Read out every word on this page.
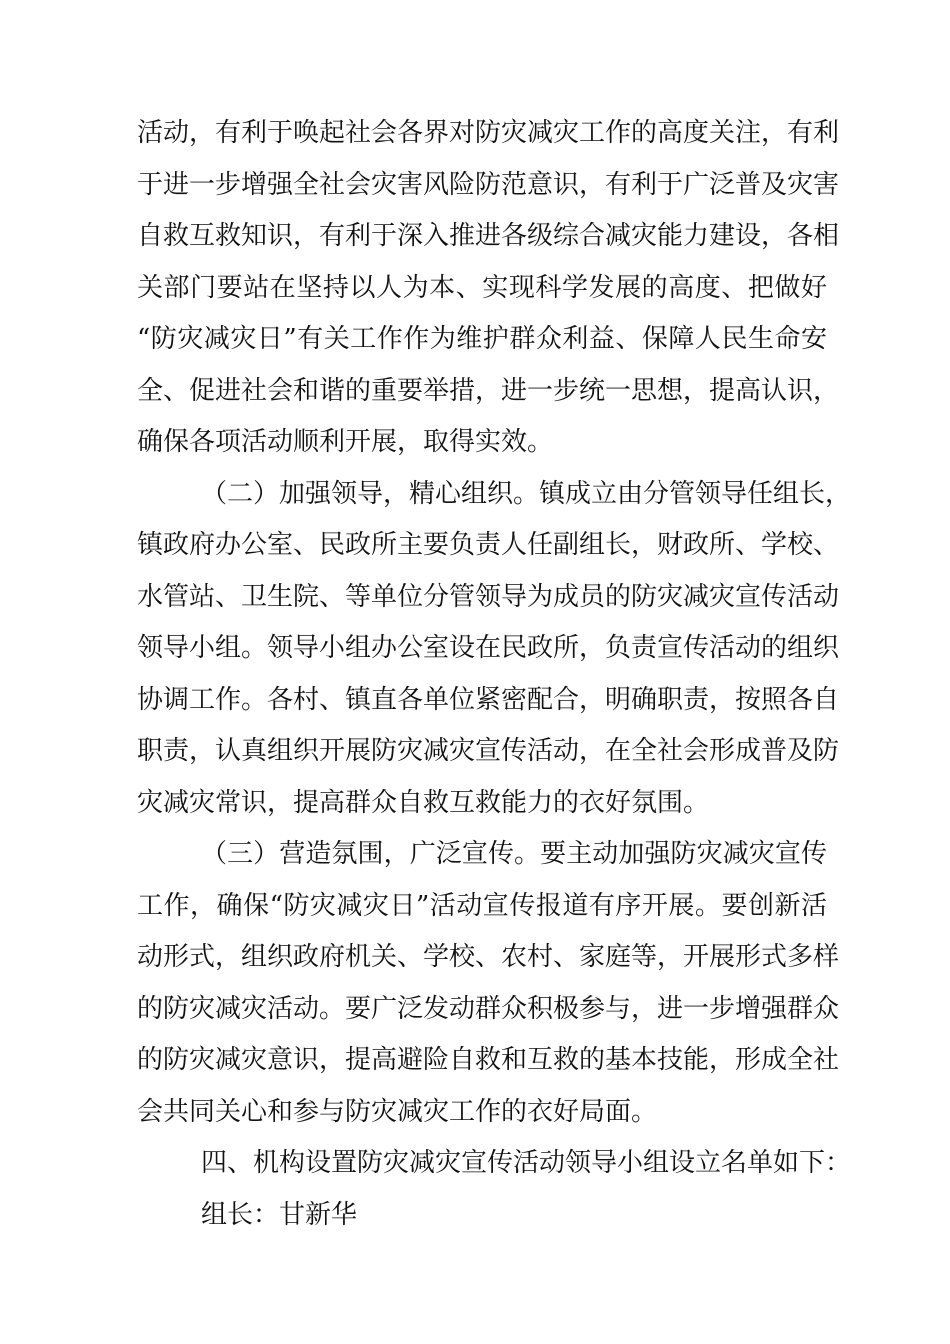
活动，有利于唤起社会各界对防灾减灾工作的高度关注，有利
于进一步增强全社会灾害风险防范意识，有利于广泛普及灾害
自救互救知识，有利于深入推进各级综合减灾能力建设，各相
关部门要站在坚持以人为本、实现科学发展的高度、把做好
“防灾减灾日”有关工作作为维护群众利益、保障人民生命安
全、促进社会和谐的重要举措，进一步统一思想，提高认识，
确保各项活动顺利开展，取得实效。
（二）加强领导，精心组织。镇成立由分管领导任组长，
镇政府办公室、民政所主要负责人任副组长，财政所、学校、
水管站、卫生院、等单位分管领导为成员的防灾减灾宣传活动
领导小组。领导小组办公室设在民政所，负责宣传活动的组织
协调工作。各村、镇直各单位紧密配合，明确职责，按照各自
职责，认真组织开展防灾减灾宣传活动，在全社会形成普及防
灾减灾常识，提高群众自救互救能力的衣好氛围。
（三）营造氛围，广泛宣传。要主动加强防灾减灾宣传
工作，确保“防灾减灾日”活动宣传报道有序开展。要创新活
动形式，组织政府机关、学校、农村、家庭等，开展形式多样
的防灾减灾活动。要广泛发动群众积极参与，进一步增强群众
的防灾减灾意识，提高避险自救和互救的基本技能，形成全社
会共同关心和参与防灾减灾工作的衣好局面。
四、机构设置防灾减灾宣传活动领导小组设立名单如下：
组长：甘新华
